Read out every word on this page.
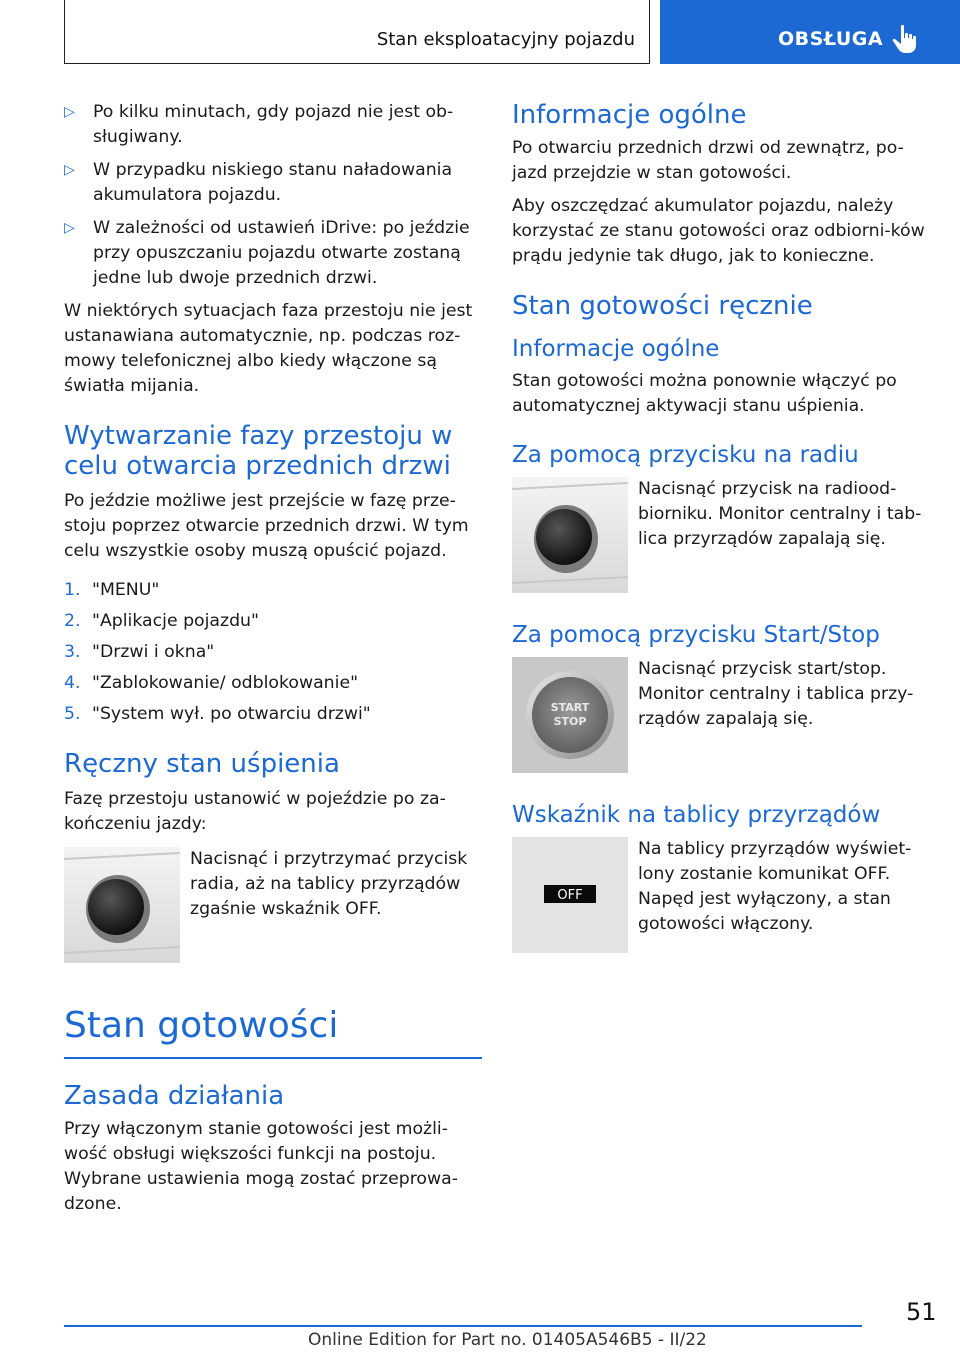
Stan eksploatacyjny pojazdu	OBSŁUGA
▷ Po kilku minutach, gdy pojazd nie jest ob-sługiwany.
▷ W przypadku niskiego stanu naładowania akumulatora pojazdu.
▷ W zależności od ustawień iDrive: po jeździe przy opuszczaniu pojazdu otwarte zostaną jedne lub dwoje przednich drzwi.

W niektórych sytuacjach faza przestoju nie jest ustanawiana automatycznie, np. podczas roz-mowy telefonicznej albo kiedy włączone są światła mijania.

Wytwarzanie fazy przestoju w celu otwarcia przednich drzwi

Po jeździe możliwe jest przejście w fazę prze-stoju poprzez otwarcie przednich drzwi. W tym celu wszystkie osoby muszą opuścić pojazd.

1. "MENU"
2. "Aplikacje pojazdu"
3. "Drzwi i okna"
4. "Zablokowanie/ odblokowanie"
5. "System wył. po otwarciu drzwi"
Ręczny stan uśpienia

Fazę przestoju ustanowić w pojeździe po za-kończeniu jazdy:

Nacisnąć i przytrzymać przycisk radia, aż na tablicy przyrządów zgaśnie wskaźnik OFF.

Stan gotowości
Zasada działania

Przy włączonym stanie gotowości jest możli-wość obsługi większości funkcji na postoju. Wybrane ustawienia mogą zostać przeprowa-dzone.

Informacje ogólne

Po otwarciu przednich drzwi od zewnątrz, po-jazd przejdzie w stan gotowości.

Aby oszczędzać akumulator pojazdu, należy korzystać ze stanu gotowości oraz odbiorni-ków prądu jedynie tak długo, jak to konieczne.

Stan gotowości ręcznie
Informacje ogólne

Stan gotowości można ponownie włączyć po automatycznej aktywacji stanu uśpienia.

Za pomocą przycisku na radiu

Nacisnąć przycisk na radiood-biorniku. Monitor centralny i tab-lica przyrządów zapalają się.

Za pomocą przycisku Start/Stop
START
STOP

Nacisnąć przycisk start/stop. Monitor centralny i tablica przy-rządów zapalają się.

Wskaźnik na tablicy przyrządów
OFF

Na tablicy przyrządów wyświet-lony zostanie komunikat OFF. Napęd jest wyłączony, a stan gotowości włączony.

51
Online Edition for Part no. 01405A546B5 - II/22
